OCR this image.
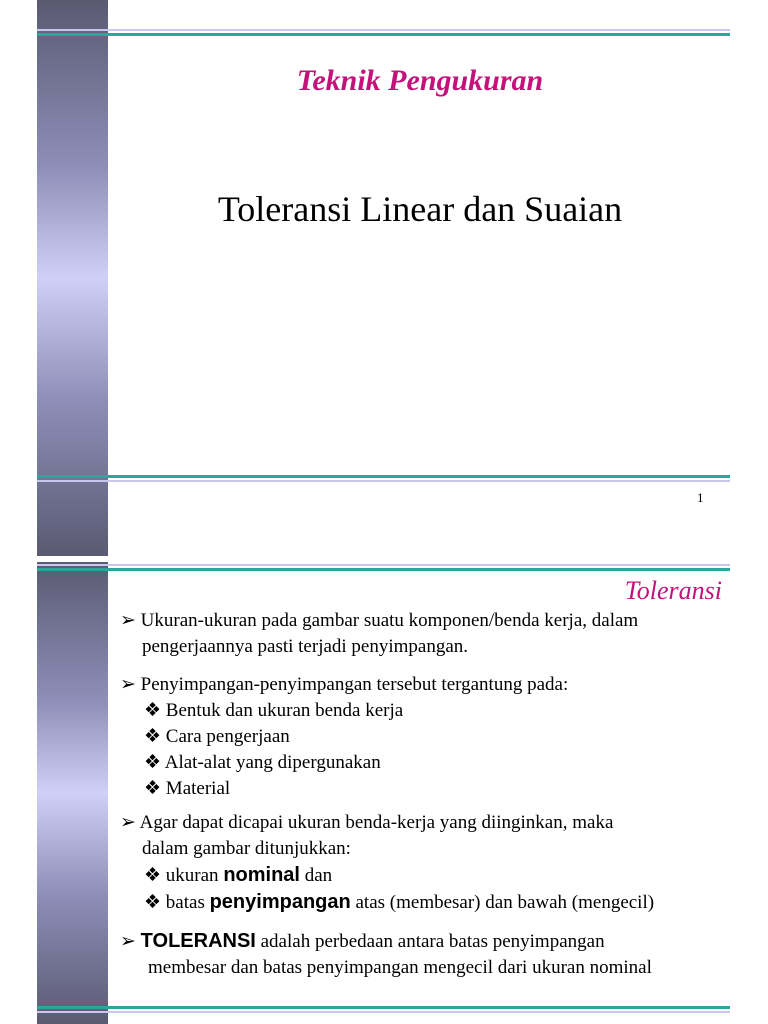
Teknik Pengukuran
Toleransi Linear dan Suaian
1
Toleransi

➢ Ukuran-ukuran pada gambar suatu komponen/benda kerja, dalam

pengerjaannya pasti terjadi penyimpangan.

➢ Penyimpangan-penyimpangan tersebut tergantung pada:

❖ Bentuk dan ukuran benda kerja

❖ Cara pengerjaan

❖ Alat-alat yang dipergunakan

❖ Material

➢ Agar dapat dicapai ukuran benda-kerja yang diinginkan, maka

dalam gambar ditunjukkan:

❖ ukuran nominal dan

❖ batas penyimpangan atas (membesar) dan bawah (mengecil)

➢ TOLERANSI adalah perbedaan antara batas penyimpangan

membesar dan batas penyimpangan mengecil dari ukuran nominal
